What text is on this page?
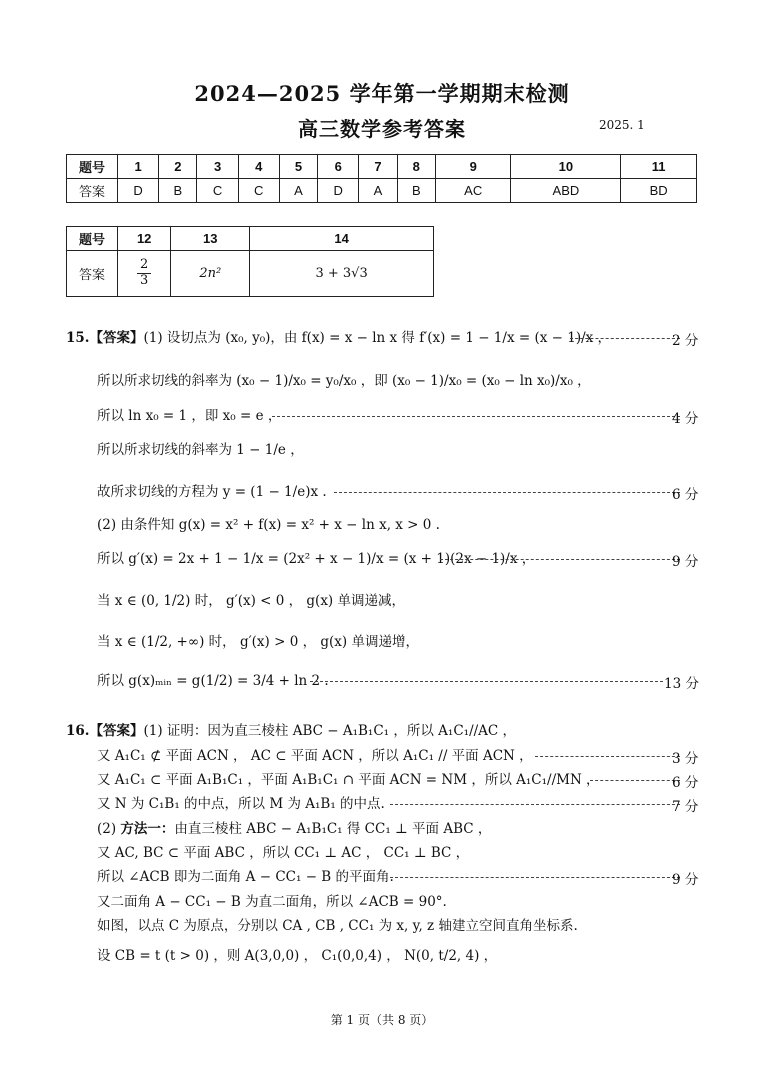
2024—2025 学年第一学期期末检测
高三数学参考答案	2025. 1
题号	1	2	3	4	5	6	7	8	9	10	11
答案	D	B	C	C	A	D	A	B	AC	ABD	BD
题号	12	13	14
答案	$\frac{2}{3}$	2n²	3 + 3√3
15.【答案】(1) 设切点为 (x₀, y₀)，由 f(x) = x − ln x 得 f′(x) = 1 − 1/x = (x − 1)/x ，	2 分
所以所求切线的斜率为 (x₀ − 1)/x₀ = y₀/x₀ ，即 (x₀ − 1)/x₀ = (x₀ − ln x₀)/x₀ ，
所以 ln x₀ = 1 ，即 x₀ = e ，	4 分
所以所求切线的斜率为 1 − 1/e ，
故所求切线的方程为 y = (1 − 1/e)x .	6 分
(2) 由条件知 g(x) = x² + f(x) = x² + x − ln x, x > 0 .
所以 g′(x) = 2x + 1 − 1/x = (2x² + x − 1)/x = (x + 1)(2x − 1)/x ，	9 分
当 x ∈ (0, 1/2) 时， g′(x) < 0 ， g(x) 单调递减，
当 x ∈ (1/2, +∞) 时， g′(x) > 0 ， g(x) 单调递增，
所以 g(x)ₘᵢₙ = g(1/2) = 3/4 + ln 2 .	13 分
16.【答案】(1) 证明：因为直三棱柱 ABC − A₁B₁C₁ ，所以 A₁C₁//AC ，
又 A₁C₁ ⊄ 平面 ACN ， AC ⊂ 平面 ACN ，所以 A₁C₁ // 平面 ACN ，	3 分
又 A₁C₁ ⊂ 平面 A₁B₁C₁ ，平面 A₁B₁C₁ ∩ 平面 ACN = NM ，所以 A₁C₁//MN ，	6 分
又 N 为 C₁B₁ 的中点，所以 M 为 A₁B₁ 的中点.	7 分
(2) 方法一：由直三棱柱 ABC − A₁B₁C₁ 得 CC₁ ⊥ 平面 ABC ，
又 AC, BC ⊂ 平面 ABC ，所以 CC₁ ⊥ AC ， CC₁ ⊥ BC ，
所以 ∠ACB 即为二面角 A − CC₁ − B 的平面角.	9 分
又二面角 A − CC₁ − B 为直二面角，所以 ∠ACB = 90°.
如图，以点 C 为原点，分别以 CA , CB , CC₁ 为 x, y, z 轴建立空间直角坐标系.
设 CB = t (t > 0) ，则 A(3,0,0) ， C₁(0,0,4) ， N(0, t/2, 4) ，
第 1 页（共 8 页）
